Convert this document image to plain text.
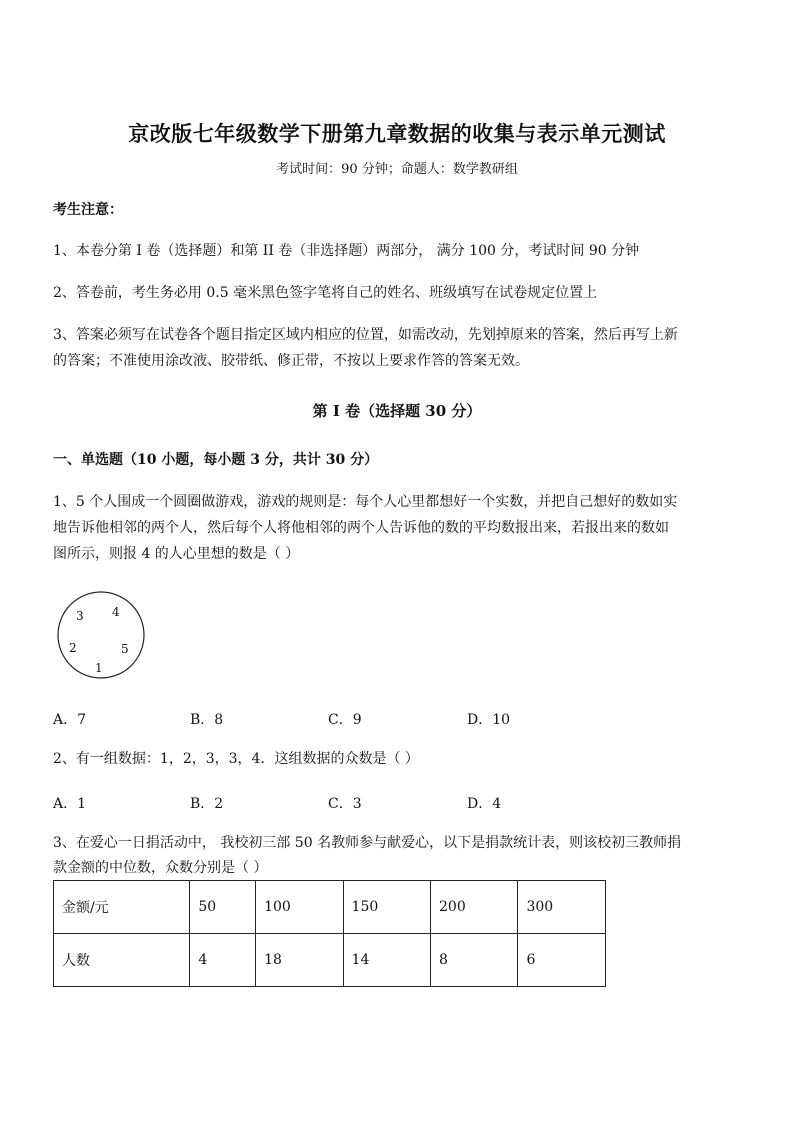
京改版七年级数学下册第九章数据的收集与表示单元测试
考试时间：90 分钟；命题人：数学教研组
考生注意：
1、本卷分第 I 卷（选择题）和第 II 卷（非选择题）两部分， 满分 100 分，考试时间 90 分钟
2、答卷前，考生务必用 0.5 毫米黑色签字笔将自己的姓名、班级填写在试卷规定位置上
3、答案必须写在试卷各个题目指定区域内相应的位置，如需改动，先划掉原来的答案，然后再写上新
的答案；不准使用涂改液、胶带纸、修正带，不按以上要求作答的答案无效。
第 I 卷（选择题 30 分）
一、单选题（10 小题，每小题 3 分，共计 30 分）
1、5 个人围成一个圆圈做游戏，游戏的规则是：每个人心里都想好一个实数，并把自己想好的数如实
地告诉他相邻的两个人，然后每个人将他相邻的两个人告诉他的数的平均数报出来，若报出来的数如
图所示，则报 4 的人心里想的数是（ ）
3 4
2	5
1
A．7	B．8	C．9	D．10
2、有一组数据：1，2，3，3，4．这组数据的众数是（ ）
A．1	B．2	C．3	D．4
3、在爱心一日捐活动中， 我校初三部 50 名教师参与献爱心，以下是捐款统计表，则该校初三教师捐
款金额的中位数，众数分别是（ ）
金额/元	50	100	150	200	300
人数	4	18	14	8	6
